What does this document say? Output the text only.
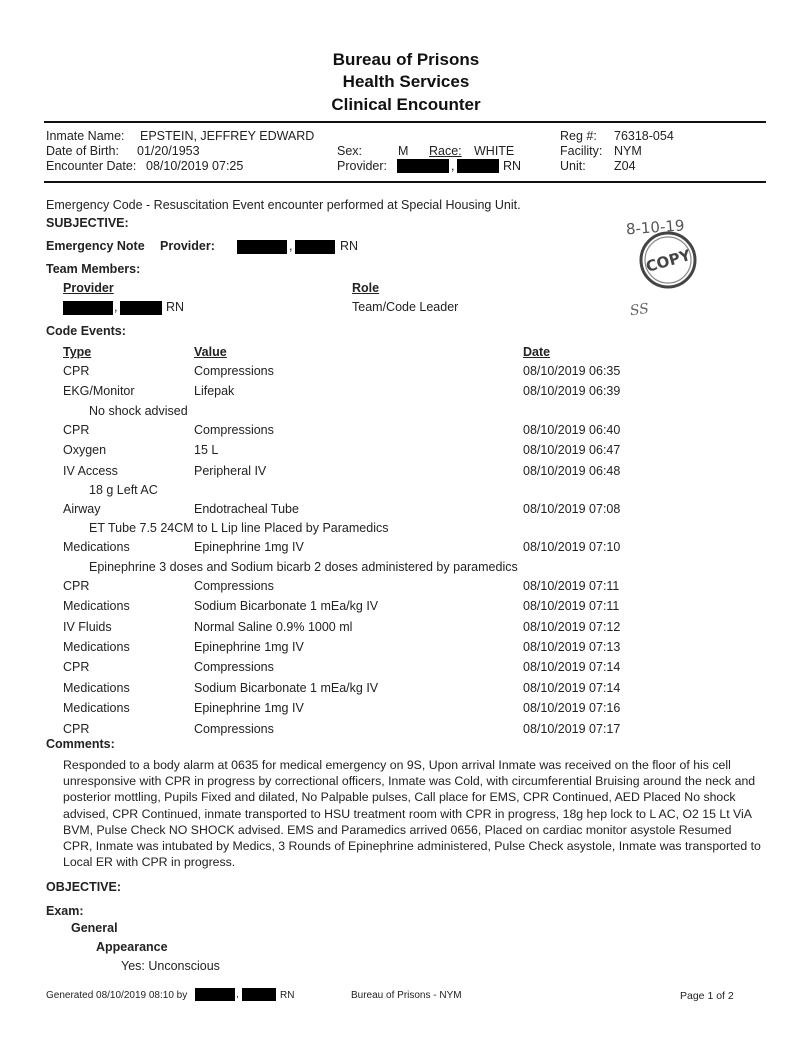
Bureau of Prisons
Health Services
Clinical Encounter
Inmate Name: EPSTEIN, JEFFREY EDWARD
Date of Birth: 01/20/1953
Encounter Date: 08/10/2019 07:25
Sex:	M Race: WHITE
Provider:	,	RN
Reg #: 76318-054
Facility: NYM
Unit: Z04
Emergency Code - Resuscitation Event encounter performed at Special Housing Unit.
SUBJECTIVE:
Emergency Note Provider:	,	RN
Team Members:
Provider	Role
,	RN	Team/Code Leader
Code Events:
Type	Value	Date
CPR	Compressions	08/10/2019 06:35
EKG/Monitor	Lifepak	08/10/2019 06:39
No shock advised
CPR	Compressions	08/10/2019 06:40
Oxygen	15 L	08/10/2019 06:47
IV Access	Peripheral IV	08/10/2019 06:48
18 g Left AC
Airway	Endotracheal Tube	08/10/2019 07:08
ET Tube 7.5 24CM to L Lip line Placed by Paramedics
Medications	Epinephrine 1mg IV	08/10/2019 07:10
Epinephrine 3 doses and Sodium bicarb 2 doses administered by paramedics
CPR	Compressions	08/10/2019 07:11
Medications	Sodium Bicarbonate 1 mEa/kg IV	08/10/2019 07:11
IV Fluids	Normal Saline 0.9% 1000 ml	08/10/2019 07:12
Medications	Epinephrine 1mg IV	08/10/2019 07:13
CPR	Compressions	08/10/2019 07:14
Medications	Sodium Bicarbonate 1 mEa/kg IV	08/10/2019 07:14
Medications	Epinephrine 1mg IV	08/10/2019 07:16
CPR	Compressions	08/10/2019 07:17
Comments:
Responded to a body alarm at 0635 for medical emergency on 9S, Upon arrival Inmate was received on the floor of his cell unresponsive with CPR in progress by correctional officers, Inmate was Cold, with circumferential Bruising around the neck and posterior mottling, Pupils Fixed and dilated, No Palpable pulses, Call place for EMS, CPR Continued, AED Placed No shock advised, CPR Continued, inmate transported to HSU treatment room with CPR in progress, 18g hep lock to L AC, O2 15 Lt ViA BVM, Pulse Check NO SHOCK advised. EMS and Paramedics arrived 0656, Placed on cardiac monitor asystole Resumed CPR, Inmate was intubated by Medics, 3 Rounds of Epinephrine administered, Pulse Check asystole, Inmate was transported to Local ER with CPR in progress.
OBJECTIVE:
Exam:
General
Appearance
Yes: Unconscious
Generated 08/10/2019 08:10 by	,	RN	Bureau of Prisons - NYM	Page 1 of 2
8-10-19
COPY
SS
